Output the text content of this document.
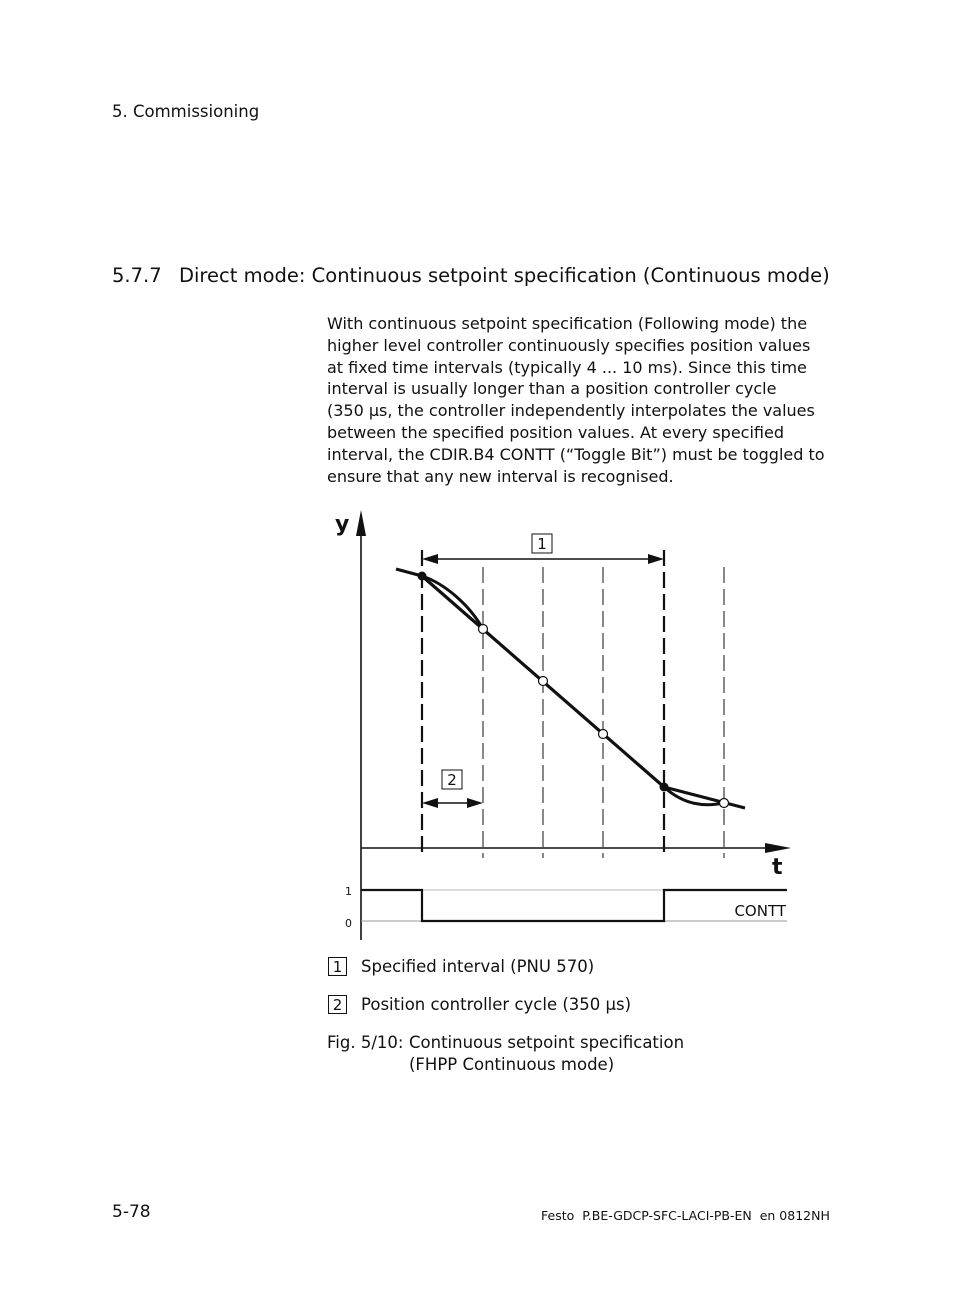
5. Commissioning
5.7.7 Direct mode: Continuous setpoint specification (Continuous mode)
With continuous setpoint specification (Following mode) the
higher level controller continuously specifies position values
at fixed time intervals (typically 4 ... 10 ms). Since this time
interval is usually longer than a position controller cycle
(350 µs, the controller independently interpolates the values
between the specified position values. At every specified
interval, the CDIR.B4 CONTT (“Toggle Bit”) must be toggled to
ensure that any new interval is recognised.
y
t
1
2
1
0
CONTT
1 Specified interval (PNU 570)
2 Position controller cycle (350 µs)
Fig. 5/10: Continuous setpoint specification
(FHPP Continuous mode)
5-78	Festo  P.BE-GDCP-SFC-LACI-PB-EN  en 0812NH
